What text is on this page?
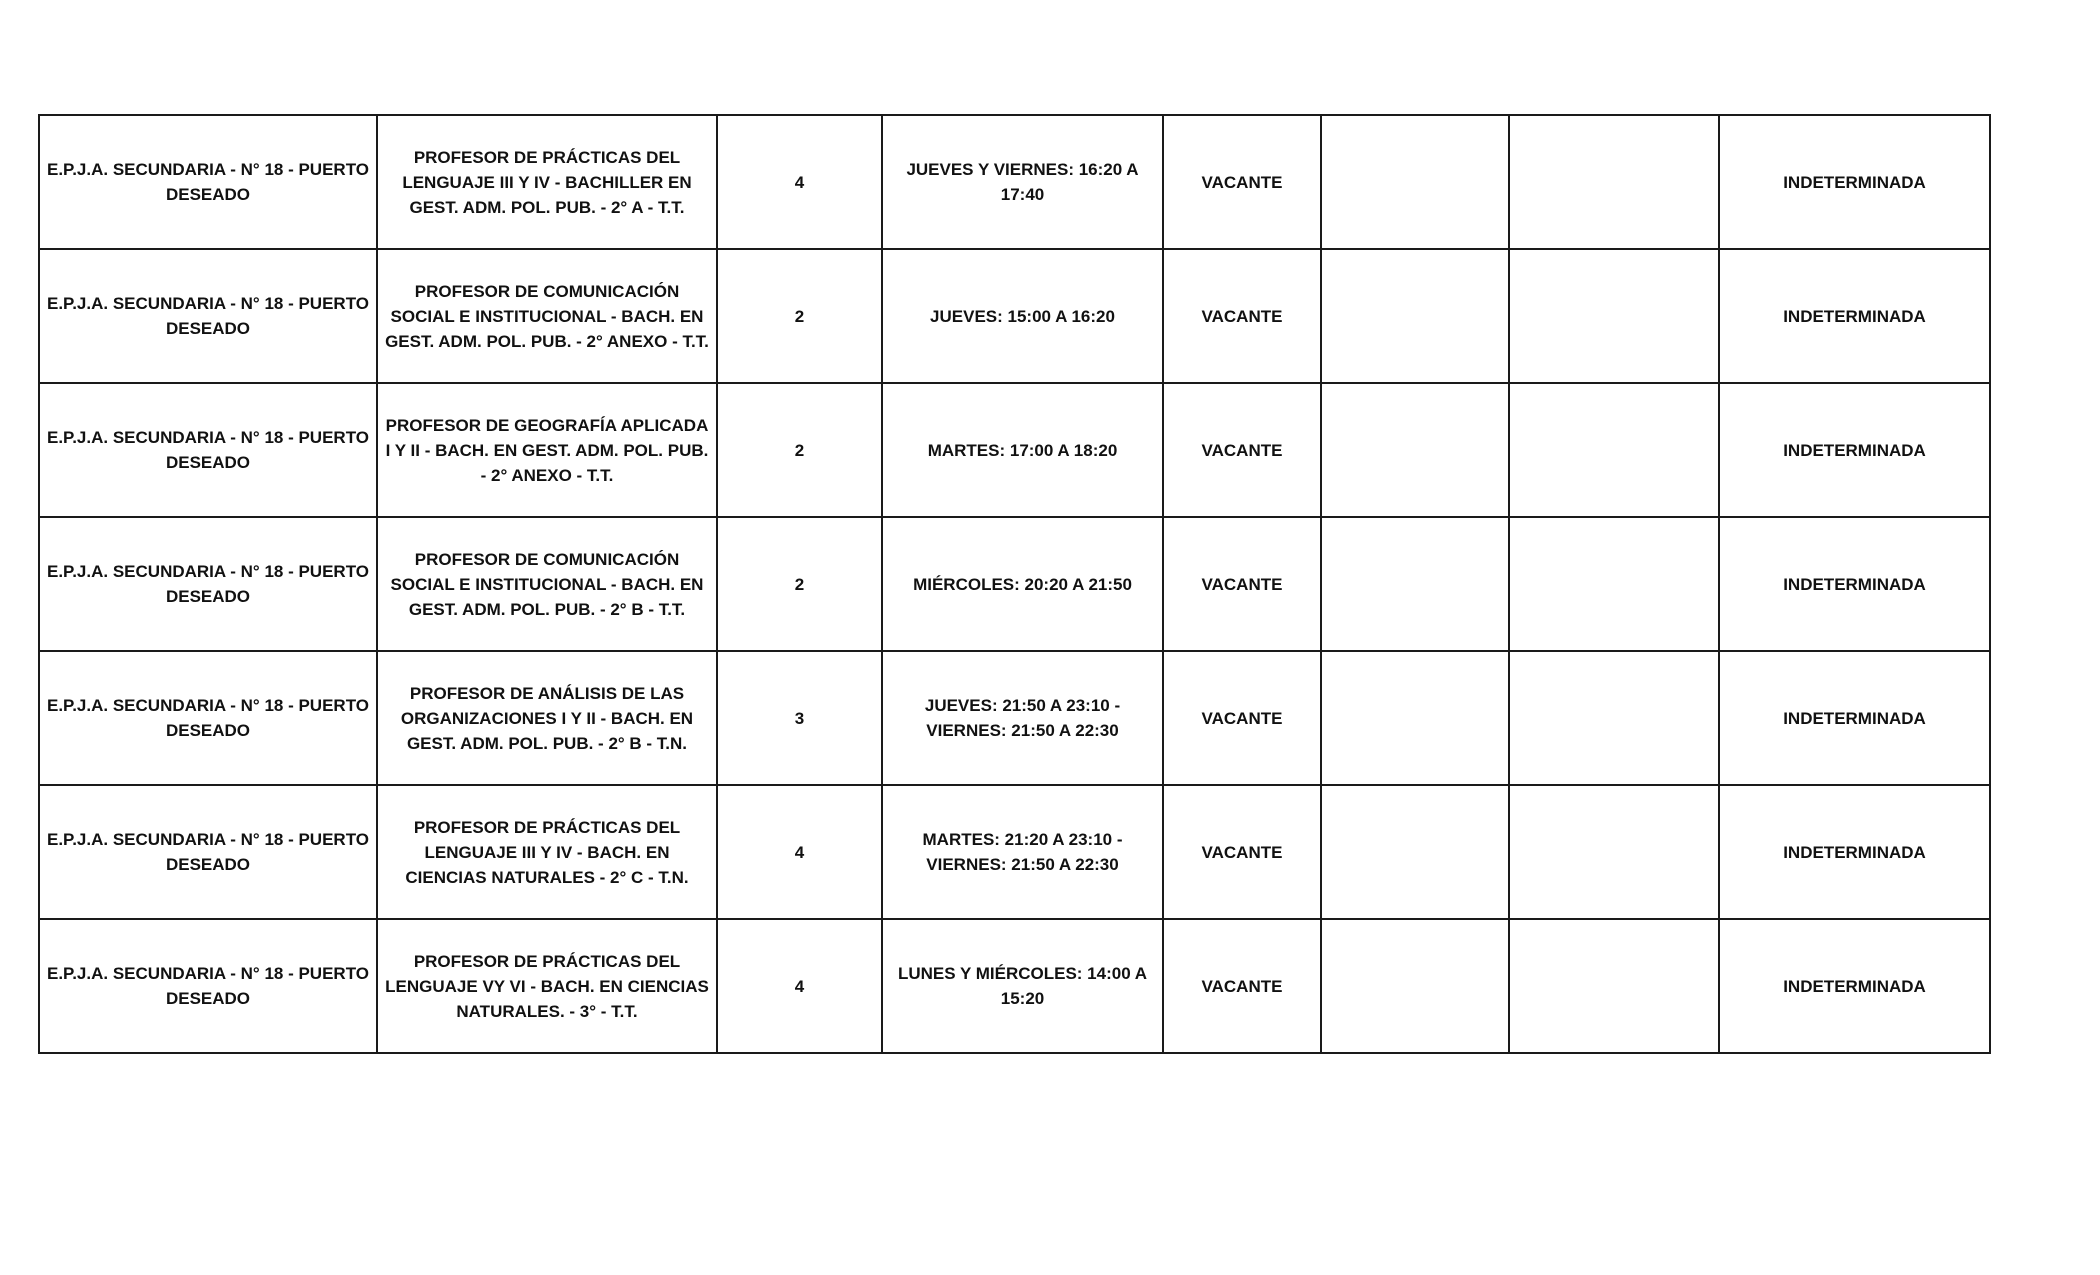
E.P.J.A. SECUNDARIA - N° 18 - PUERTO DESEADO	PROFESOR DE PRÁCTICAS DEL LENGUAJE III Y IV - BACHILLER EN GEST. ADM. POL. PUB. - 2° A - T.T.	4	JUEVES Y VIERNES: 16:20 A 17:40	VACANTE			INDETERMINADA
E.P.J.A. SECUNDARIA - N° 18 - PUERTO DESEADO	PROFESOR DE COMUNICACIÓN SOCIAL E INSTITUCIONAL - BACH. EN GEST. ADM. POL. PUB. - 2° ANEXO - T.T.	2	JUEVES: 15:00 A 16:20	VACANTE			INDETERMINADA
E.P.J.A. SECUNDARIA - N° 18 - PUERTO DESEADO	PROFESOR DE GEOGRAFÍA APLICADA I Y II - BACH. EN GEST. ADM. POL. PUB. - 2° ANEXO - T.T.	2	MARTES: 17:00 A 18:20	VACANTE			INDETERMINADA
E.P.J.A. SECUNDARIA - N° 18 - PUERTO DESEADO	PROFESOR DE COMUNICACIÓN SOCIAL E INSTITUCIONAL - BACH. EN GEST. ADM. POL. PUB. - 2° B - T.T.	2	MIÉRCOLES: 20:20 A 21:50	VACANTE			INDETERMINADA
E.P.J.A. SECUNDARIA - N° 18 - PUERTO DESEADO	PROFESOR DE ANÁLISIS DE LAS ORGANIZACIONES I Y II - BACH. EN GEST. ADM. POL. PUB. - 2° B - T.N.	3	JUEVES: 21:50 A 23:10 - VIERNES: 21:50 A 22:30	VACANTE			INDETERMINADA
E.P.J.A. SECUNDARIA - N° 18 - PUERTO DESEADO	PROFESOR DE PRÁCTICAS DEL LENGUAJE III Y IV - BACH. EN CIENCIAS NATURALES - 2° C - T.N.	4	MARTES: 21:20 A 23:10 - VIERNES: 21:50 A 22:30	VACANTE			INDETERMINADA
E.P.J.A. SECUNDARIA - N° 18 - PUERTO DESEADO	PROFESOR DE PRÁCTICAS DEL LENGUAJE VY VI - BACH. EN CIENCIAS NATURALES. - 3° - T.T.	4	LUNES Y MIÉRCOLES: 14:00 A 15:20	VACANTE			INDETERMINADA
